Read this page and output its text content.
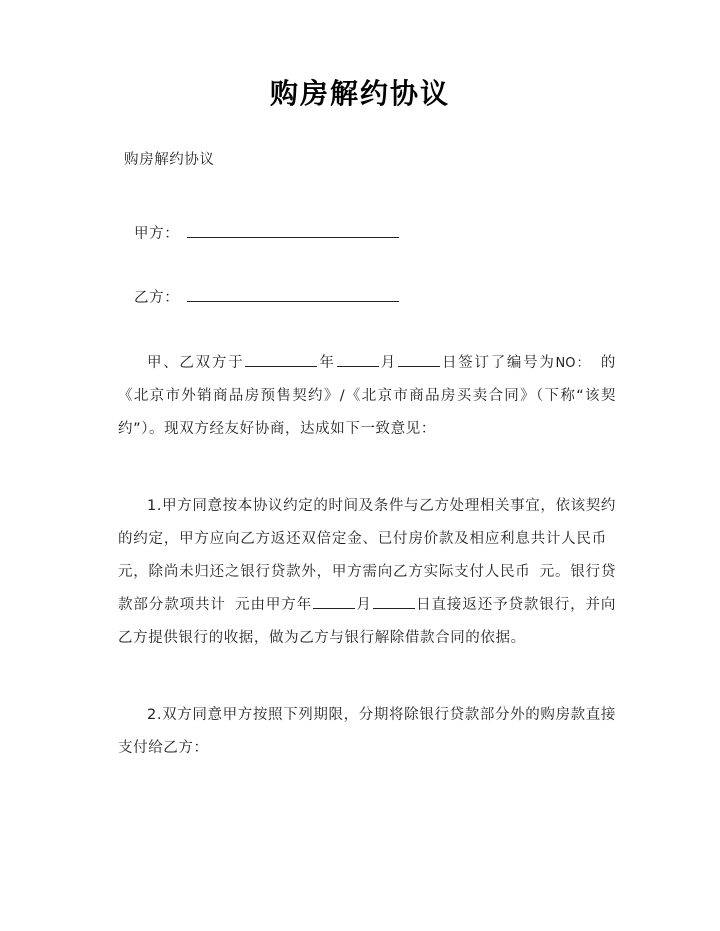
购房解约协议
购房解约协议
甲方：
乙方：

甲、乙双方于	年	月	日签订了编号为NO： 的《北京市外销商品房预售契约》/《北京市商品房买卖合同》（下称“该契约”）。现双方经友好协商，达成如下一致意见：

1.甲方同意按本协议约定的时间及条件与乙方处理相关事宜，依该契约的约定，甲方应向乙方返还双倍定金、已付房价款及相应利息共计人民币元，除尚未归还之银行贷款外，甲方需向乙方实际支付人民币 元。银行贷款部分款项共计 元由甲方年	月	日直接返还予贷款银行，并向乙方提供银行的收据，做为乙方与银行解除借款合同的依据。

2.双方同意甲方按照下列期限，分期将除银行贷款部分外的购房款直接支付给乙方：
